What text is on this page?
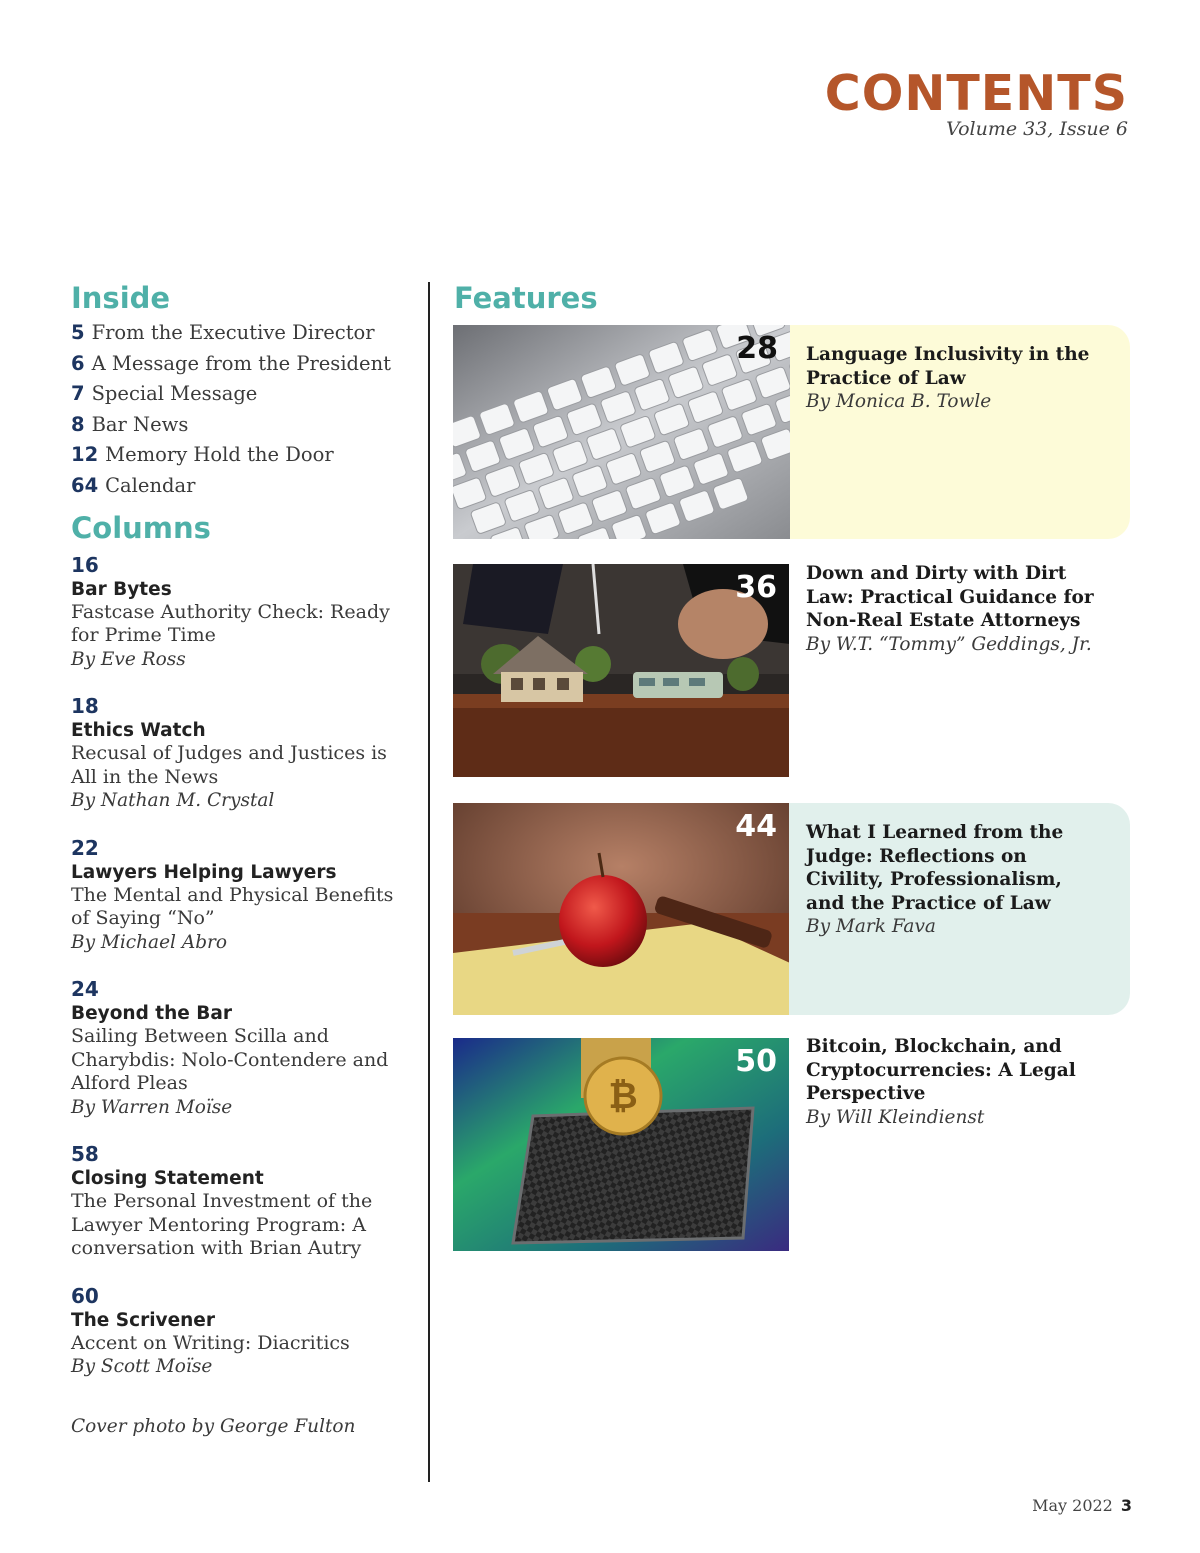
CONTENTS
Volume 33, Issue 6
Inside
5 From the Executive Director
6 A Message from the President
7 Special Message
8 Bar News
12 Memory Hold the Door
64 Calendar
Columns
16
Bar Bytes
Fastcase Authority Check: Ready for Prime Time
By Eve Ross
18
Ethics Watch
Recusal of Judges and Justices is All in the News
By Nathan M. Crystal
22
Lawyers Helping Lawyers
The Mental and Physical Benefits of Saying “No”
By Michael Abro
24
Beyond the Bar
Sailing Between Scilla and Charybdis: Nolo-Contendere and Alford Pleas
By Warren Moïse
58
Closing Statement
The Personal Investment of the Lawyer Mentoring Program: A conversation with Brian Autry
60
The Scrivener
Accent on Writing: Diacritics
By Scott Moïse
Cover photo by George Fulton
Features
28 Language Inclusivity in the Practice of Law
By Monica B. Towle
36 Down and Dirty with Dirt Law: Practical Guidance for Non-Real Estate Attorneys
By W.T. “Tommy” Geddings, Jr.
44 What I Learned from the Judge: Reflections on Civility, Professionalism, and the Practice of Law
By Mark Fava
₿
50 Bitcoin, Blockchain, and Cryptocurrencies: A Legal Perspective
By Will Kleindienst
May 2022 3
